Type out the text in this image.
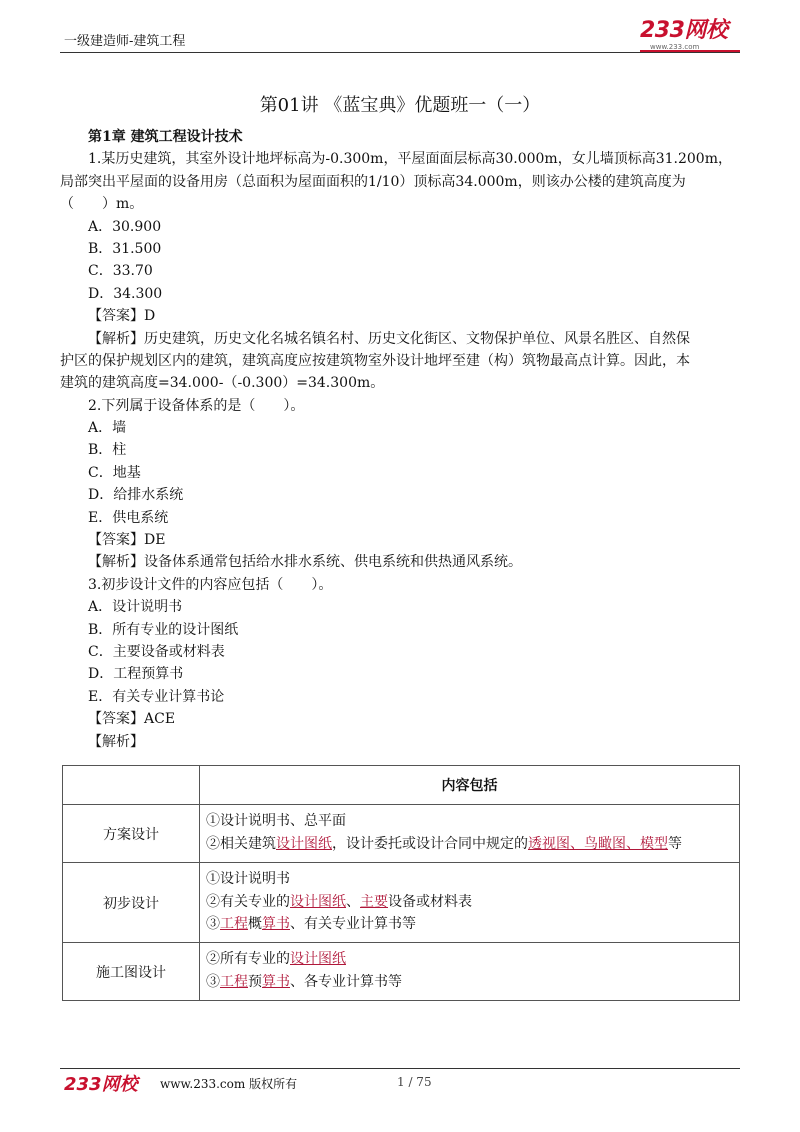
一级建造师-建筑工程	233网校
www.233.com
第01讲 《蓝宝典》优题班一（一）
第1章 建筑工程设计技术
1.某历史建筑，其室外设计地坪标高为-0.300m，平屋面面层标高30.000m，女儿墙顶标高31.200m，
局部突出平屋面的设备用房（总面积为屋面面积的1/10）顶标高34.000m，则该办公楼的建筑高度为
（　　）m。
A．30.900
B．31.500
C．33.70
D．34.300
【答案】D
【解析】历史建筑，历史文化名城名镇名村、历史文化街区、文物保护单位、风景名胜区、自然保
护区的保护规划区内的建筑，建筑高度应按建筑物室外设计地坪至建（构）筑物最高点计算。因此，本
建筑的建筑高度=34.000-（-0.300）=34.300m。
2.下列属于设备体系的是（　　）。
A．墙
B．柱
C．地基
D．给排水系统
E．供电系统
【答案】DE
【解析】设备体系通常包括给水排水系统、供电系统和供热通风系统。
3.初步设计文件的内容应包括（　　）。
A．设计说明书
B．所有专业的设计图纸
C．主要设备或材料表
D．工程预算书
E．有关专业计算书论
【答案】ACE
【解析】
	内容包括
方案设计	①设计说明书、总平面
②相关建筑设计图纸，设计委托或设计合同中规定的透视图、鸟瞰图、模型等

初步设计	①设计说明书
②有关专业的设计图纸、主要设备或材料表
③工程概算书、有关专业计算书等

施工图设计	②所有专业的设计图纸
③工程预算书、各专业计算书等
233网校 www.233.com 版权所有	1 / 75
